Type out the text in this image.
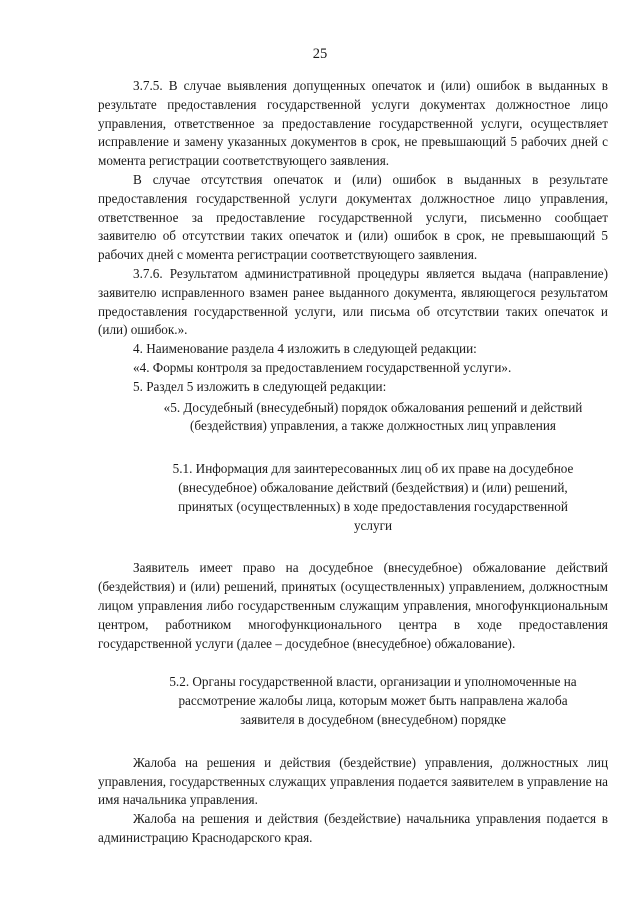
25

3.7.5. В случае выявления допущенных опечаток и (или) ошибок в выданных в результате предоставления государственной услуги документах должностное лицо управления, ответственное за предоставление государственной услуги, осуществляет исправление и замену указанных документов в срок, не превышающий 5 рабочих дней с момента регистрации соответствующего заявления.

В случае отсутствия опечаток и (или) ошибок в выданных в результате предоставления государственной услуги документах должностное лицо управления, ответственное за предоставление государственной услуги, письменно сообщает заявителю об отсутствии таких опечаток и (или) ошибок в срок, не превышающий 5 рабочих дней с момента регистрации соответствующего заявления.

3.7.6. Результатом административной процедуры является выдача (направление) заявителю исправленного взамен ранее выданного документа, являющегося результатом предоставления государственной услуги, или письма об отсутствии таких опечаток и (или) ошибок.».

4. Наименование раздела 4 изложить в следующей редакции:

«4. Формы контроля за предоставлением государственной услуги».

5. Раздел 5 изложить в следующей редакции:

«5. Досудебный (внесудебный) порядок обжалования решений и действий (бездействия) управления, а также должностных лиц управления

5.1. Информация для заинтересованных лиц об их праве на досудебное (внесудебное) обжалование действий (бездействия) и (или) решений, принятых (осуществленных) в ходе предоставления государственной услуги

Заявитель имеет право на досудебное (внесудебное) обжалование действий (бездействия) и (или) решений, принятых (осуществленных) управлением, должностным лицом управления либо государственным служащим управления, многофункциональным центром, работником многофункционального центра в ходе предоставления государственной услуги (далее – досудебное (внесудебное) обжалование).

5.2. Органы государственной власти, организации и уполномоченные на рассмотрение жалобы лица, которым может быть направлена жалоба заявителя в досудебном (внесудебном) порядке

Жалоба на решения и действия (бездействие) управления, должностных лиц управления, государственных служащих управления подается заявителем в управление на имя начальника управления.

Жалоба на решения и действия (бездействие) начальника управления подается в администрацию Краснодарского края.
